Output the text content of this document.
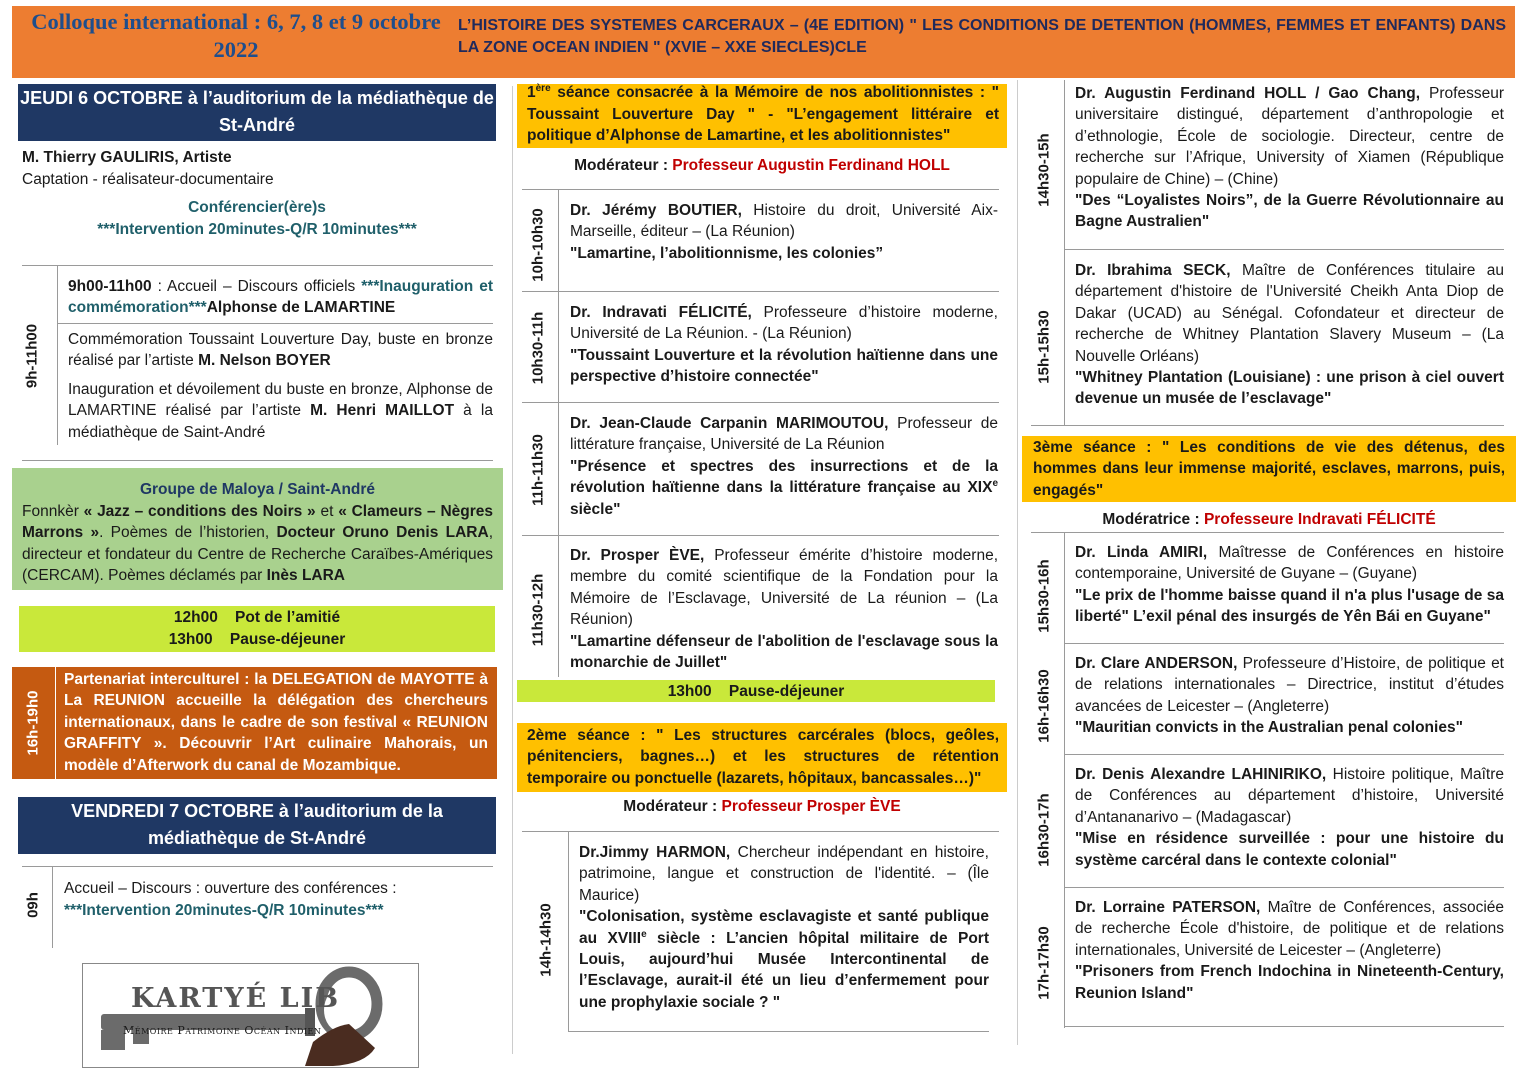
Colloque international : 6, 7, 8 et 9 octobre 2022
L’HISTOIRE DES SYSTEMES CARCERAUX – (4E EDITION) " LES CONDITIONS DE DETENTION (HOMMES, FEMMES ET ENFANTS) DANS LA ZONE OCEAN INDIEN " (XVIE – XXE SIECLES)CLE
JEUDI 6 OCTOBRE à l’auditorium de la médiathèque de St-André
M. Thierry GAULIRIS, Artiste
Captation - réalisateur-documentaire
Conférencier(ère)s
***Intervention 20minutes-Q/R 10minutes***
9h-11h00
9h00-11h00 : Accueil – Discours officiels ***Inauguration et commémoration***Alphonse de LAMARTINE
Commémoration Toussaint Louverture Day, buste en bronze réalisé par l’artiste M. Nelson BOYER
Inauguration et dévoilement du buste en bronze, Alphonse de LAMARTINE réalisé par l’artiste M. Henri MAILLOT à la médiathèque de Saint-André
Groupe de Maloya / Saint-André
Fonnkèr « Jazz – conditions des Noirs » et « Clameurs – Nègres Marrons ». Poèmes de l’historien, Docteur Oruno Denis LARA, directeur et fondateur du Centre de Recherche Caraïbes-Amériques (CERCAM). Poèmes déclamés par Inès LARA
12h00    Pot de l’amitié
13h00    Pause-déjeuner
16h-19h0
Partenariat interculturel : la DELEGATION de MAYOTTE à La REUNION accueille la délégation des chercheurs internationaux, dans le cadre de son festival « REUNION GRAFFITY ». Découvrir l’Art culinaire Mahorais, un modèle d’Afterwork du canal de Mozambique.
VENDREDI 7 OCTOBRE à l’auditorium de la médiathèque de St-André
09h
Accueil – Discours : ouverture des conférences :
***Intervention 20minutes-Q/R 10minutes***
KARTYÉ LIB
Mémoire Patrimoine Océan Indien
1ère séance consacrée à la Mémoire de nos abolitionnistes : " Toussaint Louverture Day " - "L’engagement littéraire et politique d’Alphonse de Lamartine, et les abolitionnistes"
Modérateur : Professeur Augustin Ferdinand HOLL
10h-10h30 Dr. Jérémy BOUTIER, Histoire du droit, Université Aix-Marseille, éditeur – (La Réunion)
"Lamartine, l’abolitionnisme, les colonies”
10h30-11h Dr. Indravati FÉLICITÉ, Professeure d’histoire moderne, Université de La Réunion. - (La Réunion)
"Toussaint Louverture et la révolution haïtienne dans une perspective d’histoire connectée"
11h-11h30
Dr. Jean-Claude Carpanin MARIMOUTOU, Professeur de littérature française, Université de La Réunion
"Présence et spectres des insurrections et de la révolution haïtienne dans la littérature française au XIXe siècle"
11h30-12h
Dr. Prosper ÈVE, Professeur émérite d’histoire moderne, membre du comité scientifique de la Fondation pour la Mémoire de l’Esclavage, Université de La réunion – (La Réunion)
"Lamartine défenseur de l'abolition de l'esclavage sous la monarchie de Juillet"
13h00    Pause-déjeuner
2ème séance : " Les structures carcérales (blocs, geôles, pénitenciers, bagnes…) et les structures de rétention temporaire ou ponctuelle (lazarets, hôpitaux, bancassales…)"
Modérateur : Professeur Prosper ÈVE
14h-14h30
Dr.Jimmy HARMON, Chercheur indépendant en histoire, patrimoine, langue et construction de l'identité. – (Île Maurice)
"Colonisation, système esclavagiste et santé publique au XVIIIe siècle : L’ancien hôpital militaire de Port Louis, aujourd’hui Musée Intercontinental de l’Esclavage, aurait-il été un lieu d’enfermement pour une prophylaxie sociale ? "
14h30-15h
Dr. Augustin Ferdinand HOLL / Gao Chang, Professeur universitaire distingué, département d’anthropologie et d’ethnologie, École de sociologie. Directeur, centre de recherche sur l’Afrique, University of Xiamen (République populaire de Chine) – (Chine)
"Des “Loyalistes Noirs”, de la Guerre Révolutionnaire au Bagne Australien"
15h-15h30
Dr. Ibrahima SECK, Maître de Conférences titulaire au département d'histoire de l'Université Cheikh Anta Diop de Dakar (UCAD) au Sénégal. Cofondateur et directeur de recherche de Whitney Plantation Slavery Museum – (La Nouvelle Orléans)
"Whitney Plantation (Louisiane) : une prison à ciel ouvert devenue un musée de l’esclavage"
3ème séance : " Les conditions de vie des détenus, des hommes dans leur immense majorité, esclaves, marrons, puis, engagés"
Modératrice : Professeure Indravati FÉLICITÉ
15h30-16h
Dr. Linda AMIRI, Maîtresse de Conférences en histoire contemporaine, Université de Guyane – (Guyane)
"Le prix de l'homme baisse quand il n'a plus l'usage de sa liberté" L’exil pénal des insurgés de Yên Bái en Guyane"
16h-16h30
Dr. Clare ANDERSON, Professeure d’Histoire, de politique et de relations internationales – Directrice, institut d’études avancées de Leicester – (Angleterre)
"Mauritian convicts in the Australian penal colonies"
16h30-17h
Dr. Denis Alexandre LAHINIRIKO, Histoire politique, Maître de Conférences au département d’histoire, Université d’Antananarivo – (Madagascar)
"Mise en résidence surveillée : pour une histoire du système carcéral dans le contexte colonial"
17h-17h30
Dr. Lorraine PATERSON, Maître de Conférences, associée de recherche École d'histoire, de politique et de relations internationales, Université de Leicester – (Angleterre)
"Prisoners from French Indochina in Nineteenth-Century, Reunion Island"
